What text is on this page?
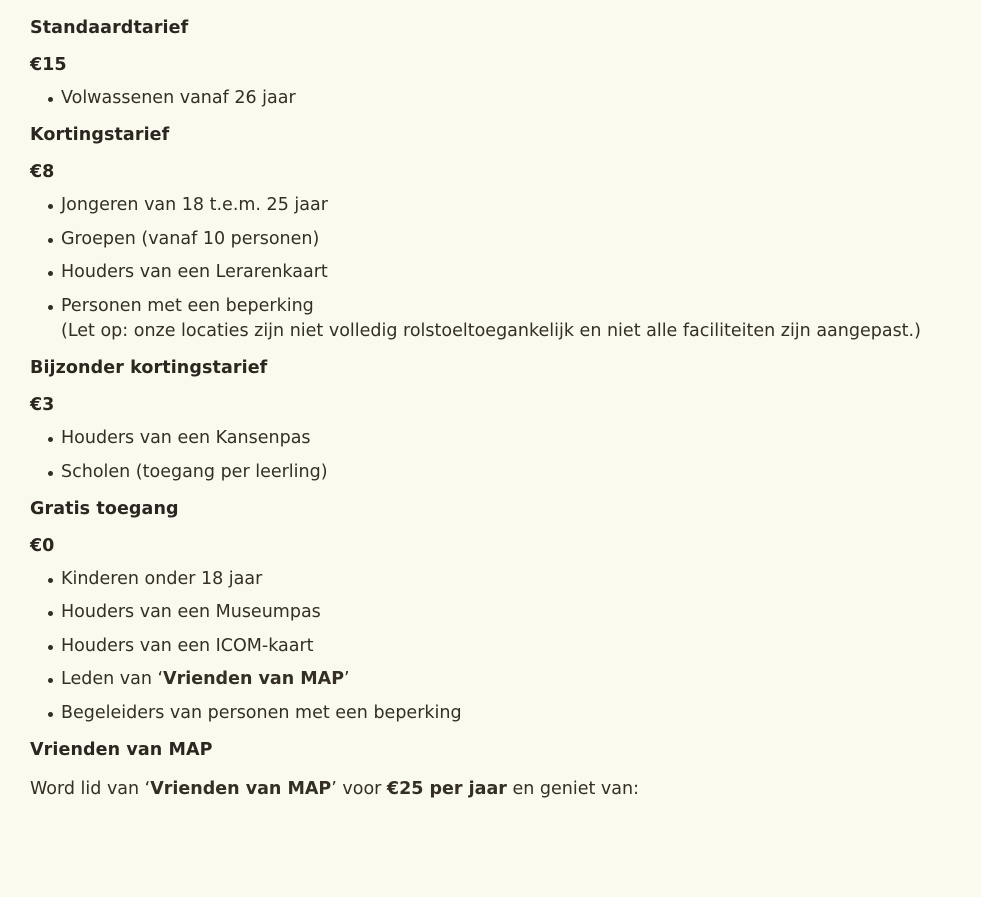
Standaardtarief
€15
Volwassenen vanaf 26 jaar
Kortingstarief
€8
Jongeren van 18 t.e.m. 25 jaar
Groepen (vanaf 10 personen)
Houders van een Lerarenkaart
Personen met een beperking
(Let op: onze locaties zijn niet volledig rolstoeltoegankelijk en niet alle faciliteiten zijn aangepast.)
Bijzonder kortingstarief
€3
Houders van een Kansenpas
Scholen (toegang per leerling)
Gratis toegang
€0
Kinderen onder 18 jaar
Houders van een Museumpas
Houders van een ICOM-kaart
Leden van ‘Vrienden van MAP’
Begeleiders van personen met een beperking
Vrienden van MAP
Word lid van ‘Vrienden van MAP’ voor €25 per jaar en geniet van:
